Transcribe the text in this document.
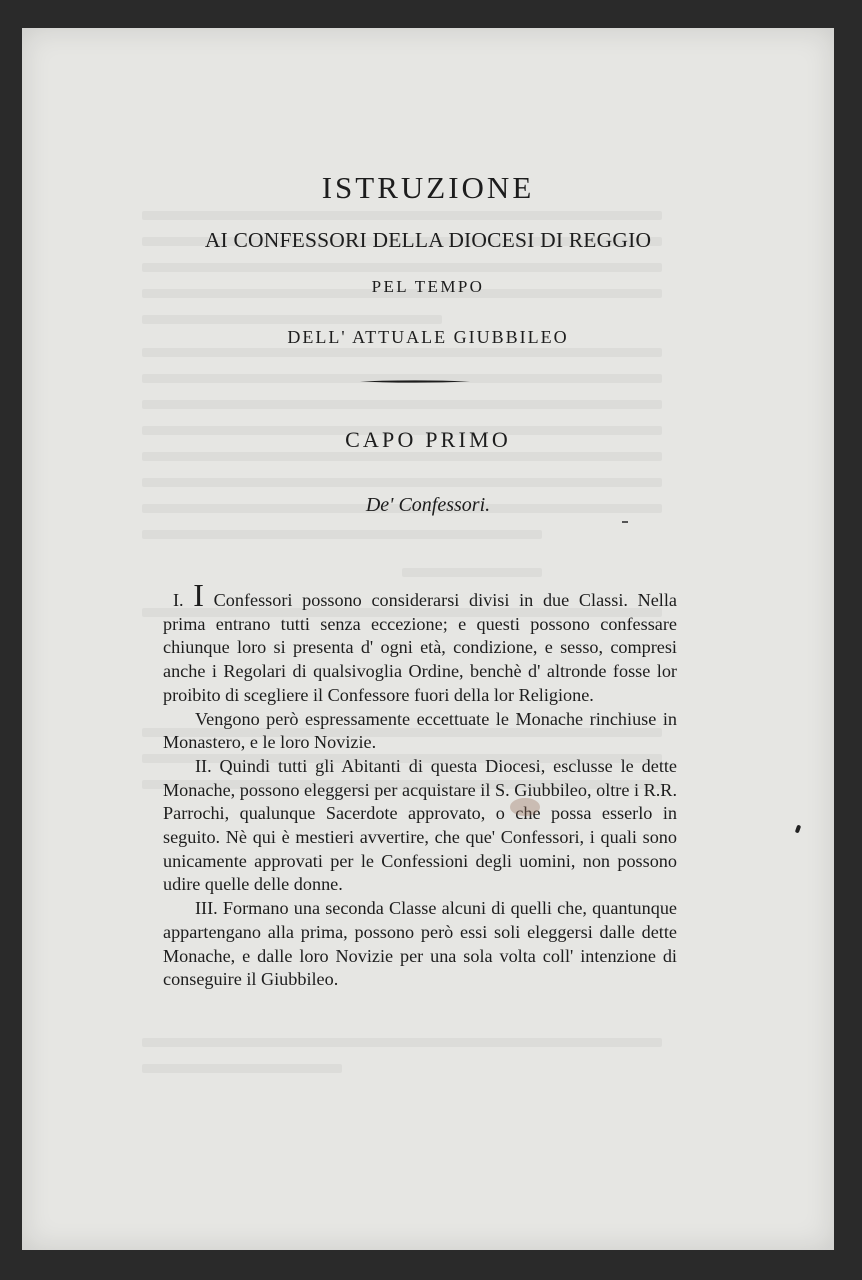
ISTRUZIONE
AI CONFESSORI DELLA DIOCESI DI REGGIO
PEL TEMPO
DELL' ATTUALE GIUBBILEO
CAPO PRIMO
De' Confessori.

I. I Confessori possono considerarsi divisi in due Classi. Nella prima entrano tutti senza eccezione; e questi possono confessare chiunque loro si presenta d' ogni età, condizione, e sesso, compresi anche i Regolari di qualsivoglia Ordine, benchè d' altronde fosse lor proibito di scegliere il Confessore fuori della lor Religione.

Vengono però espressamente eccettuate le Monache rinchiuse in Monastero, e le loro Novizie.

II. Quindi tutti gli Abitanti di questa Diocesi, esclusse le dette Monache, possono eleggersi per acquistare il S. Giubbileo, oltre i R.R. Parrochi, qualunque Sacerdote approvato, o che possa esserlo in seguito. Nè qui è mestieri avvertire, che que' Confessori, i quali sono unicamente approvati per le Confessioni degli uomini, non possono udire quelle delle donne.

III. Formano una seconda Classe alcuni di quelli che, quantunque appartengano alla prima, possono però essi soli eleggersi dalle dette Monache, e dalle loro Novizie per una sola volta coll' intenzione di conseguire il Giubbileo.
